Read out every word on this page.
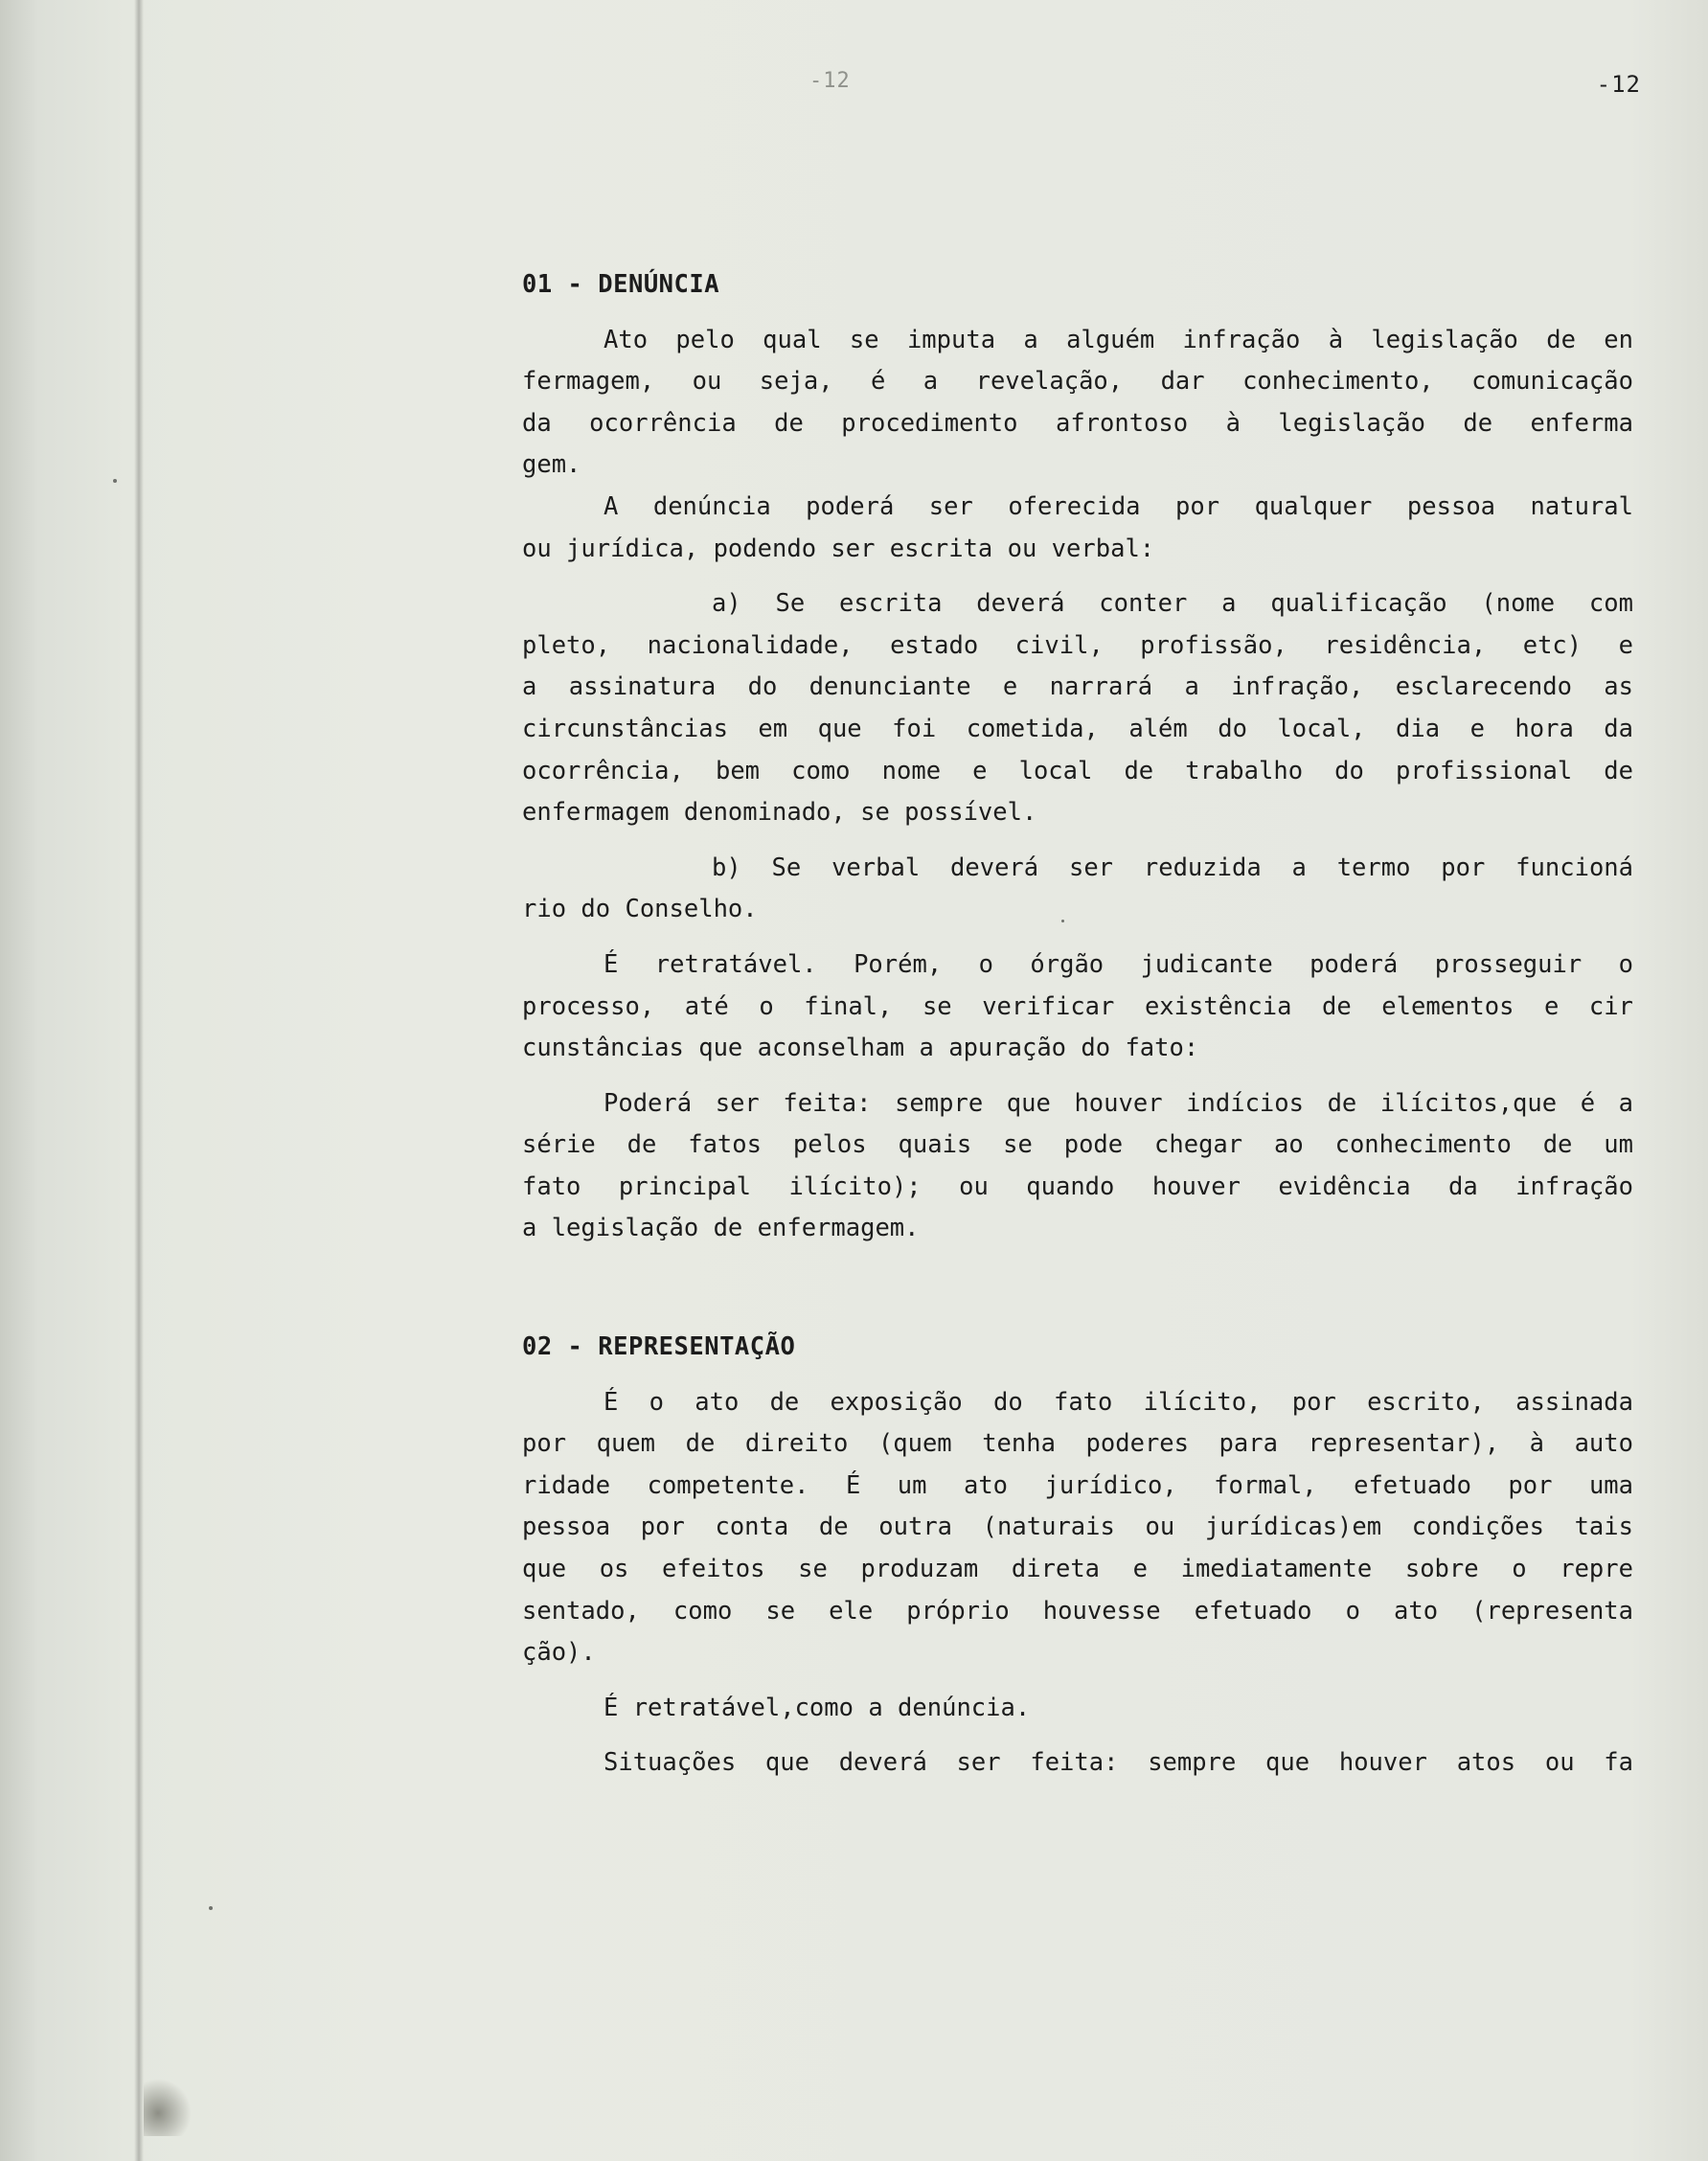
-12	-12

01 - DENÚNCIA

Ato pelo qual se imputa a alguém infração à legislação de en

fermagem, ou seja, é a revelação, dar conhecimento, comunicação

da ocorrência de procedimento afrontoso à legislação de enferma

gem.

A denúncia poderá ser oferecida por qualquer pessoa natural

ou jurídica, podendo ser escrita ou verbal:

a) Se escrita deverá conter a qualificação (nome com

pleto, nacionalidade, estado civil, profissão, residência, etc) e

a assinatura do denunciante e narrará a infração, esclarecendo as

circunstâncias em que foi cometida, além do local, dia e hora da

ocorrência, bem como nome e local de trabalho do profissional de

enfermagem denominado, se possível.

b) Se verbal deverá ser reduzida a termo por funcioná

rio do Conselho.

É retratável. Porém, o órgão judicante poderá prosseguir o

processo, até o final, se verificar existência de elementos e cir

cunstâncias que aconselham a apuração do fato:

Poderá ser feita: sempre que houver indícios de ilícitos,que é a

série de fatos pelos quais se pode chegar ao conhecimento de um

fato principal ilícito); ou quando houver evidência da infração

a legislação de enfermagem.

02 - REPRESENTAÇÃO

É o ato de exposição do fato ilícito, por escrito, assinada

por quem de direito (quem tenha poderes para representar), à auto

ridade competente. É um ato jurídico, formal, efetuado por uma

pessoa por conta de outra (naturais ou jurídicas)em condições tais

que os efeitos se produzam direta e imediatamente sobre o repre

sentado, como se ele próprio houvesse efetuado o ato (representa

ção).

É retratável,como a denúncia.

Situações que deverá ser feita: sempre que houver atos ou fa
